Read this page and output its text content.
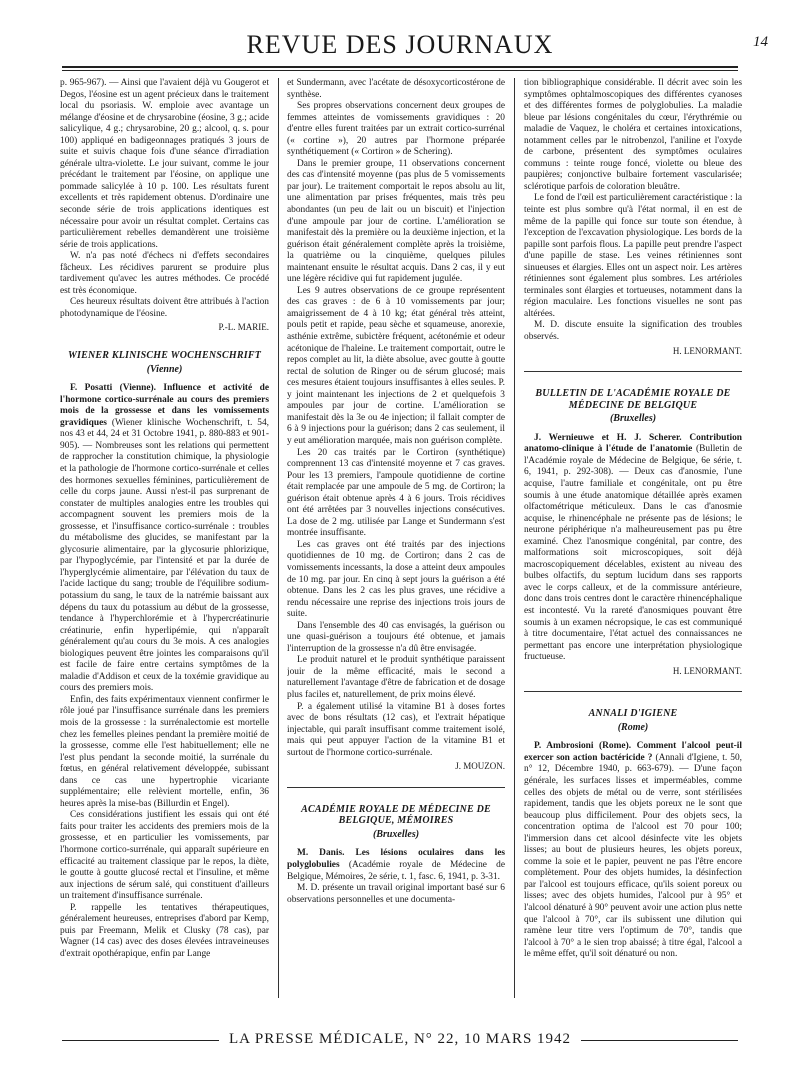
REVUE DES JOURNAUX	14

p. 965-967). — Ainsi que l'avaient déjà vu Gougerot et Degos, l'éosine est un agent précieux dans le traitement local du psoriasis. W. emploie avec avantage un mélange d'éosine et de chrysarobine (éosine, 3 g.; acide salicylique, 4 g.; chrysarobine, 20 g.; alcool, q. s. pour 100) appliqué en badigeonnages pratiqués 3 jours de suite et suivis chaque fois d'une séance d'irradiation générale ultra-violette. Le jour suivant, comme le jour précédant le traitement par l'éosine, on applique une pommade salicylée à 10 p. 100. Les résultats furent excellents et très rapidement obtenus. D'ordinaire une seconde série de trois applications identiques est nécessaire pour avoir un résultat complet. Certains cas particulièrement rebelles demandèrent une troisième série de trois applications.

W. n'a pas noté d'échecs ni d'effets secondaires fâcheux. Les récidives parurent se produire plus tardivement qu'avec les autres méthodes. Ce procédé est très économique.

Ces heureux résultats doivent être attribués à l'action photodynamique de l'éosine.

P.-L. MARIE.
WIENER KLINISCHE WOCHENSCHRIFT
(Vienne)

F. Posatti (Vienne). Influence et activité de l'hormone cortico-surrénale au cours des premiers mois de la grossesse et dans les vomissements gravidiques (Wiener klinische Wochenschrift, t. 54, nos 43 et 44, 24 et 31 Octobre 1941, p. 880-883 et 901-905). — Nombreuses sont les relations qui permettent de rapprocher la constitution chimique, la physiologie et la pathologie de l'hormone cortico-surrénale et celles des hormones sexuelles féminines, particulièrement de celle du corps jaune. Aussi n'est-il pas surprenant de constater de multiples analogies entre les troubles qui accompagnent souvent les premiers mois de la grossesse, et l'insuffisance cortico-surrénale : troubles du métabolisme des glucides, se manifestant par la glycosurie alimentaire, par la glycosurie phlorizique, par l'hypoglycémie, par l'intensité et par la durée de l'hyperglycémie alimentaire, par l'élévation du taux de l'acide lactique du sang; trouble de l'équilibre sodium-potassium du sang, le taux de la natrémie baissant aux dépens du taux du potassium au début de la grossesse, tendance à l'hyperchlorémie et à l'hypercréatinurie créatinurie, enfin hyperlipémie, qui n'apparaît généralement qu'au cours du 3e mois. A ces analogies biologiques peuvent être jointes les comparaisons qu'il est facile de faire entre certains symptômes de la maladie d'Addison et ceux de la toxémie gravidique au cours des premiers mois.

Enfin, des faits expérimentaux viennent confirmer le rôle joué par l'insuffisance surrénale dans les premiers mois de la grossesse : la surrénalectomie est mortelle chez les femelles pleines pendant la première moitié de la grossesse, comme elle l'est habituellement; elle ne l'est plus pendant la seconde moitié, la surrénale du fœtus, en général relativement développée, subissant dans ce cas une hypertrophie vicariante supplémentaire; elle relèvient mortelle, enfin, 36 heures après la mise-bas (Billurdin et Engel).

Ces considérations justifient les essais qui ont été faits pour traiter les accidents des premiers mois de la grossesse, et en particulier les vomissements, par l'hormone cortico-surrénale, qui apparaît supérieure en efficacité au traitement classique par le repos, la diète, le goutte à goutte glucosé rectal et l'insuline, et même aux injections de sérum salé, qui constituent d'ailleurs un traitement d'insuffisance surrénale.

P. rappelle les tentatives thérapeutiques, généralement heureuses, entreprises d'abord par Kemp, puis par Freemann, Melik et Clusky (78 cas), par Wagner (14 cas) avec des doses élevées intraveineuses d'extrait opothérapique, enfin par Lange

et Sundermann, avec l'acétate de désoxycorticostérone de synthèse.

Ses propres observations concernent deux groupes de femmes atteintes de vomissements gravidiques : 20 d'entre elles furent traitées par un extrait cortico-surrénal (« cortine »), 20 autres par l'hormone préparée synthétiquement (« Cortiron » de Schering).

Dans le premier groupe, 11 observations concernent des cas d'intensité moyenne (pas plus de 5 vomissements par jour). Le traitement comportait le repos absolu au lit, une alimentation par prises fréquentes, mais très peu abondantes (un peu de lait ou un biscuit) et l'injection d'une ampoule par jour de cortine. L'amélioration se manifestait dès la première ou la deuxième injection, et la guérison était généralement complète après la troisième, la quatrième ou la cinquième, quelques pilules maintenant ensuite le résultat acquis. Dans 2 cas, il y eut une légère récidive qui fut rapidement jugulée.

Les 9 autres observations de ce groupe représentent des cas graves : de 6 à 10 vomissements par jour; amaigrissement de 4 à 10 kg; état général très atteint, pouls petit et rapide, peau sèche et squameuse, anorexie, asthénie extrême, subictère fréquent, acétonémie et odeur acétonique de l'haleine. Le traitement comportait, outre le repos complet au lit, la diète absolue, avec goutte à goutte rectal de solution de Ringer ou de sérum glucosé; mais ces mesures étaient toujours insuffisantes à elles seules. P. y joint maintenant les injections de 2 et quelquefois 3 ampoules par jour de cortine. L'amélioration se manifestait dès la 3e ou 4e injection; il fallait compter de 6 à 9 injections pour la guérison; dans 2 cas seulement, il y eut amélioration marquée, mais non guérison complète.

Les 20 cas traités par le Cortiron (synthétique) comprennent 13 cas d'intensité moyenne et 7 cas graves. Pour les 13 premiers, l'ampoule quotidienne de cortine était remplacée par une ampoule de 5 mg. de Cortiron; la guérison était obtenue après 4 à 6 jours. Trois récidives ont été arrêtées par 3 nouvelles injections consécutives. La dose de 2 mg. utilisée par Lange et Sundermann s'est montrée insuffisante.

Les cas graves ont été traités par des injections quotidiennes de 10 mg. de Cortiron; dans 2 cas de vomissements incessants, la dose a atteint deux ampoules de 10 mg. par jour. En cinq à sept jours la guérison a été obtenue. Dans les 2 cas les plus graves, une récidive a rendu nécessaire une reprise des injections trois jours de suite.

Dans l'ensemble des 40 cas envisagés, la guérison ou une quasi-guérison a toujours été obtenue, et jamais l'interruption de la grossesse n'a dû être envisagée.

Le produit naturel et le produit synthétique paraissent jouir de la même efficacité, mais le second a naturellement l'avantage d'être de fabrication et de dosage plus faciles et, naturellement, de prix moins élevé.

P. a également utilisé la vitamine B1 à doses fortes avec de bons résultats (12 cas), et l'extrait hépatique injectable, qui paraît insuffisant comme traitement isolé, mais qui peut appuyer l'action de la vitamine B1 et surtout de l'hormone cortico-surrénale.

J. MOUZON.
ACADÉMIE ROYALE DE MÉDECINE DE BELGIQUE, MÉMOIRES
(Bruxelles)

M. Danis. Les lésions oculaires dans les polyglobulies (Académie royale de Médecine de Belgique, Mémoires, 2e série, t. 1, fasc. 6, 1941, p. 3-31.

M. D. présente un travail original important basé sur 6 observations personnelles et une documenta-

tion bibliographique considérable. Il décrit avec soin les symptômes ophtalmoscopiques des différentes cyanoses et des différentes formes de polyglobulies. La maladie bleue par lésions congénitales du cœur, l'érythrémie ou maladie de Vaquez, le choléra et certaines intoxications, notamment celles par le nitrobenzol, l'aniline et l'oxyde de carbone, présentent des symptômes oculaires communs : teinte rouge foncé, violette ou bleue des paupières; conjonctive bulbaire fortement vascularisée; sclérotique parfois de coloration bleuâtre.

Le fond de l'œil est particulièrement caractéristique : la teinte est plus sombre qu'à l'état normal, il en est de même de la papille qui fonce sur toute son étendue, à l'exception de l'excavation physiologique. Les bords de la papille sont parfois flous. La papille peut prendre l'aspect d'une papille de stase. Les veines rétiniennes sont sinueuses et élargies. Elles ont un aspect noir. Les artères rétiniennes sont également plus sombres. Les artérioles terminales sont élargies et tortueuses, notamment dans la région maculaire. Les fonctions visuelles ne sont pas altérées.

M. D. discute ensuite la signification des troubles observés.

H. LENORMANT.
BULLETIN DE L'ACADÉMIE ROYALE DE MÉDECINE DE BELGIQUE
(Bruxelles)

J. Wernieuwe et H. J. Scherer. Contribution anatomo-clinique à l'étude de l'anatomie (Bulletin de l'Académie royale de Médecine de Belgique, 6e série, t. 6, 1941, p. 292-308). — Deux cas d'anosmie, l'une acquise, l'autre familiale et congénitale, ont pu être soumis à une étude anatomique détaillée après examen olfactométrique méticuleux. Dans le cas d'anosmie acquise, le rhinencéphale ne présente pas de lésions; le neurone périphérique n'a malheureusement pas pu être examiné. Chez l'anosmique congénital, par contre, des malformations soit microscopiques, soit déjà macroscopiquement décelables, existent au niveau des bulbes olfactifs, du septum lucidum dans ses rapports avec le corps calleux, et de la commissure antérieure, donc dans trois centres dont le caractère rhinencéphalique est incontesté. Vu la rareté d'anosmiques pouvant être soumis à un examen nécropsique, le cas est communiqué à titre documentaire, l'état actuel des connaissances ne permettant pas encore une interprétation physiologique fructueuse.

H. LENORMANT.
ANNALI D'IGIENE
(Rome)

P. Ambrosioni (Rome). Comment l'alcool peut-il exercer son action bactéricide ? (Annali d'Igiene, t. 50, n° 12, Décembre 1940, p. 663-679). — D'une façon générale, les surfaces lisses et imperméables, comme celles des objets de métal ou de verre, sont stérilisées rapidement, tandis que les objets poreux ne le sont que beaucoup plus difficilement. Pour des objets secs, la concentration optima de l'alcool est 70 pour 100; l'immersion dans cet alcool désinfecte vite les objets lisses; au bout de plusieurs heures, les objets poreux, comme la soie et le papier, peuvent ne pas l'être encore complètement. Pour des objets humides, la désinfection par l'alcool est toujours efficace, qu'ils soient poreux ou lisses; avec des objets humides, l'alcool pur à 95° et l'alcool dénaturé à 90° peuvent avoir une action plus nette que l'alcool à 70°, car ils subissent une dilution qui ramène leur titre vers l'optimum de 70°, tandis que l'alcool à 70° a le sien trop abaissé; à titre égal, l'alcool a le même effet, qu'il soit dénaturé ou non.

LA PRESSE MÉDICALE, N° 22, 10 MARS 1942
